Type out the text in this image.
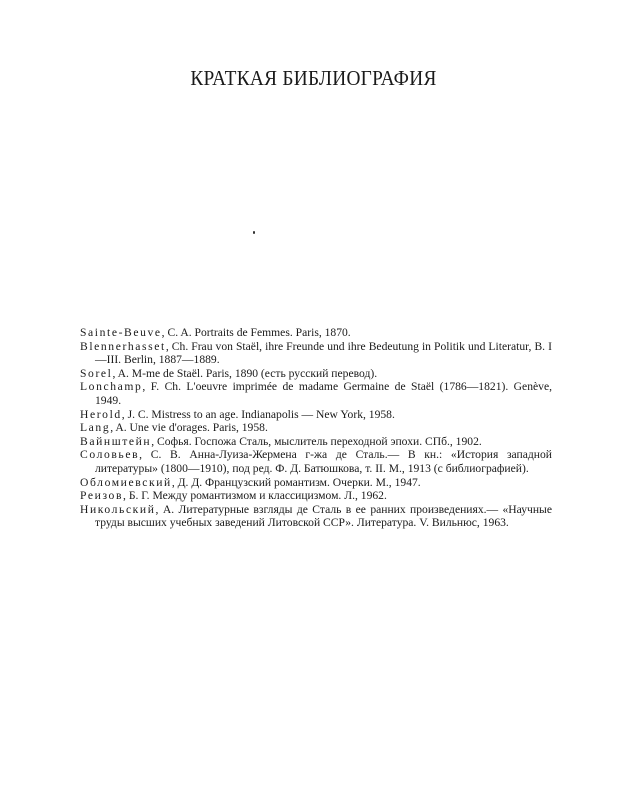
КРАТКАЯ БИБЛИОГРАФИЯ
Sainte-Beuve, C. A. Portraits de Femmes. Paris, 1870.
Blennerhasset, Ch. Frau von Staël, ihre Freunde und ihre Bedeutung in Politik und Literatur, B. I—III. Berlin, 1887—1889.
Sorel, A. M-me de Staël. Paris, 1890 (есть русский перевод).
Lonchamp, F. Ch. L'oeuvre imprimée de madame Germaine de Staël (1786—1821). Genève, 1949.
Herold, J. C. Mistress to an age. Indianapolis — New York, 1958.
Lang, A. Une vie d'orages. Paris, 1958.
Вайнштейн, Софья. Госпожа Сталь, мыслитель переходной эпохи. СПб., 1902.
Соловьев, С. В. Анна-Луиза-Жермена г-жа де Сталь.— В кн.: «История западной литературы» (1800—1910), под ред. Ф. Д. Батюшкова, т. II. М., 1913 (с библиографией).
Обломиевский, Д. Д. Французский романтизм. Очерки. М., 1947.
Реизов, Б. Г. Между романтизмом и классицизмом. Л., 1962.
Никольский, А. Литературные взгляды де Сталь в ее ранних произведениях.— «Научные труды высших учебных заведений Литовской ССР». Литература. V. Вильнюс, 1963.
